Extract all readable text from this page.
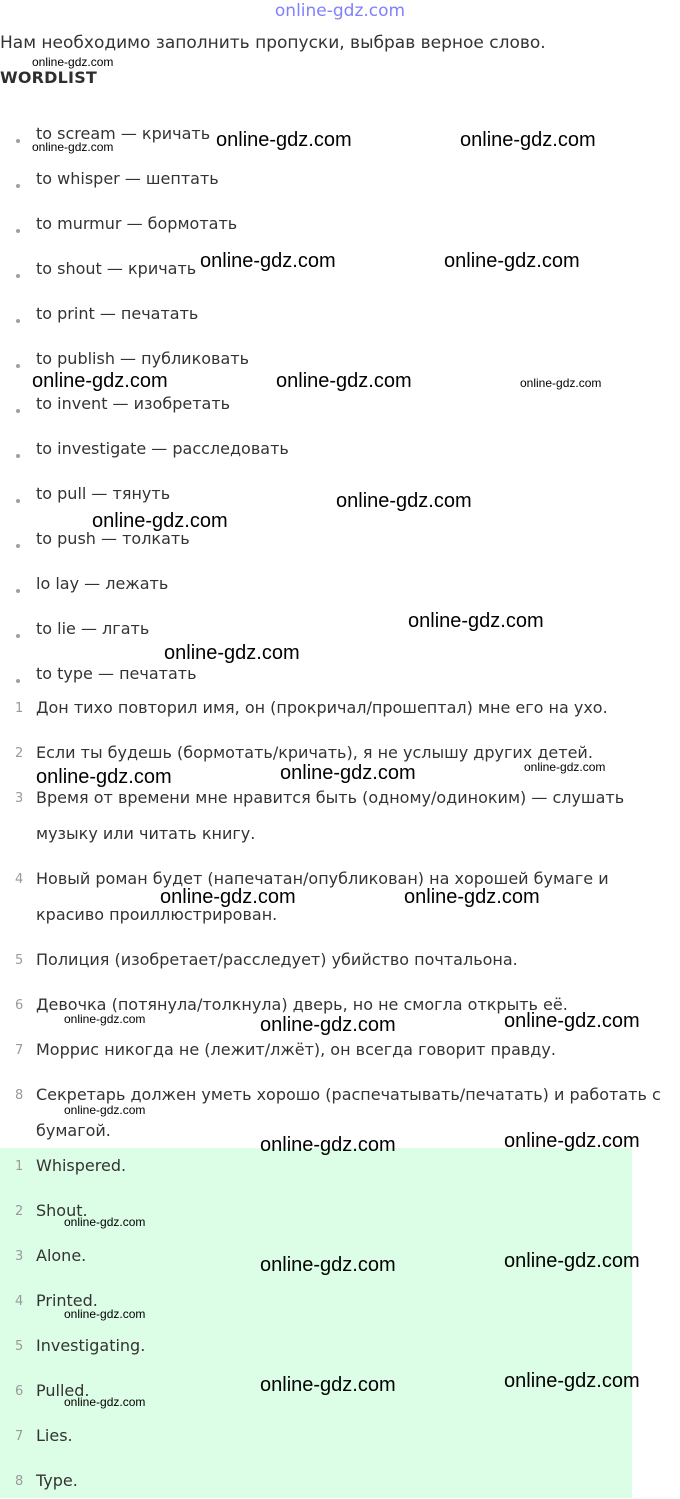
online-gdz.com
Нам необходимо заполнить пропуски, выбрав верное слово.
WORDLIST
to scream — кричать
to whisper — шептать
to murmur — бормотать
to shout — кричать
to print — печатать
to publish — публиковать
to invent — изобретать
to investigate — расследовать
to pull — тянуть
to push — толкать
lo lay — лежать
to lie — лгать
to type — печатать
1 Дон тихо повторил имя, он (прокричал/прошептал) мне его на ухо.
2 Если ты будешь (бормотать/кричать), я не услышу других детей.
3 Время от времени мне нравится быть (одному/одиноким) — слушать
музыку или читать книгу.
4 Новый роман будет (напечатан/опубликован) на хорошей бумаге и
красиво проиллюстрирован.
5 Полиция (изобретает/расследует) убийство почтальона.
6 Девочка (потянула/толкнула) дверь, но не смогла открыть её.
7 Моррис никогда не (лежит/лжёт), он всегда говорит правду.
8 Секретарь должен уметь хорошо (распечатывать/печатать) и работать с
бумагой.
1 Whispered.
2 Shout.
3 Alone.
4 Printed.
5 Investigating.
6 Pulled.
7 Lies.
8 Type.
online-gdz.com
online-gdz.com	online-gdz.com	online-gdz.com
online-gdz.com	online-gdz.com
online-gdz.com	online-gdz.com	online-gdz.com
online-gdz.com
online-gdz.com
online-gdz.com
online-gdz.com
online-gdz.com	online-gdz.com	online-gdz.com
online-gdz.com	online-gdz.com
online-gdz.com	online-gdz.com	online-gdz.com
online-gdz.com
online-gdz.com	online-gdz.com
online-gdz.com
online-gdz.com	online-gdz.com
online-gdz.com
online-gdz.com	online-gdz.com
online-gdz.com
